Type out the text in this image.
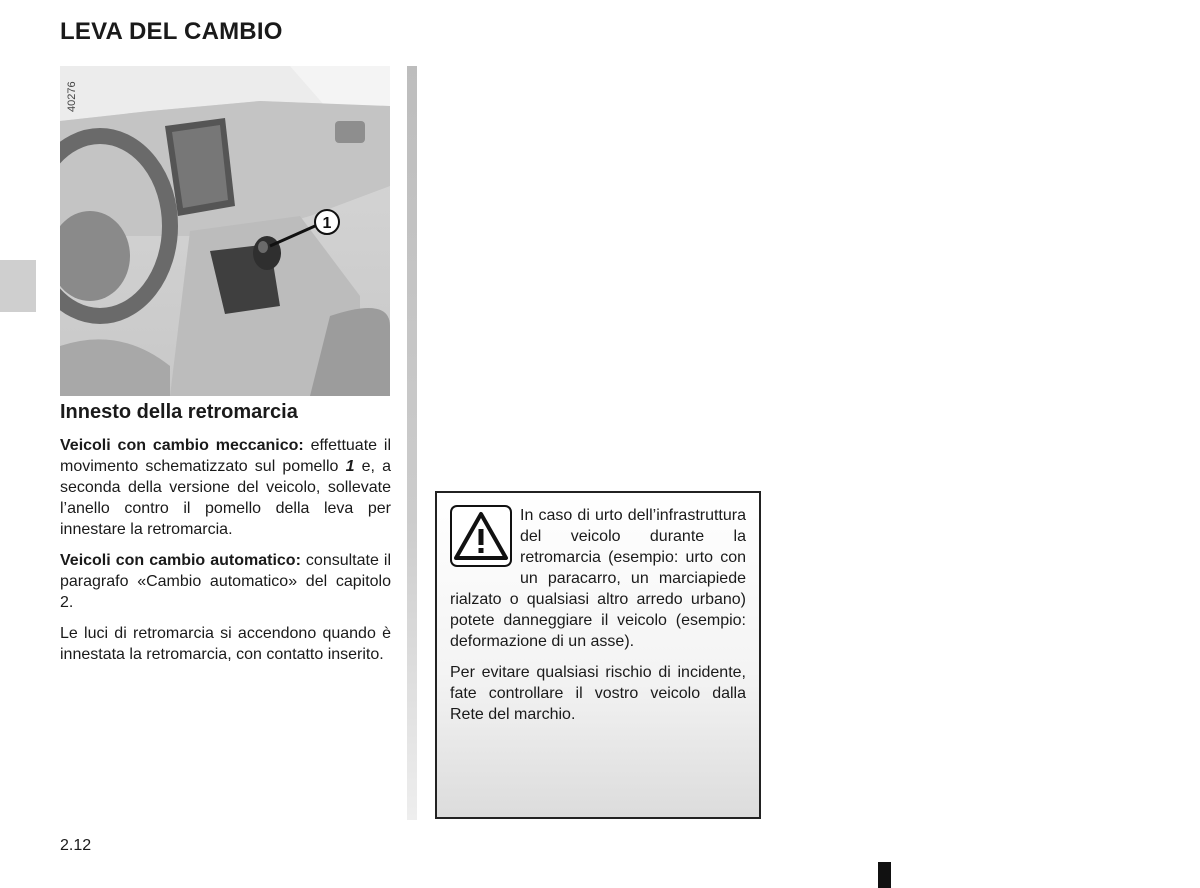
LEVA DEL CAMBIO
1
40276
Innesto della retromarcia

Veicoli con cambio meccanico: effettuate il movimento schematizzato sul pomello 1 e, a seconda della versione del veicolo, sollevate l’anello contro il pomello della leva per innestare la retromarcia.

Veicoli con cambio automatico: consultate il paragrafo «Cambio automatico» del capitolo 2.

Le luci di retromarcia si accendono quando è innestata la retromarcia, con contatto inserito.

In caso di urto dell’infrastruttura del veicolo durante la retromarcia (esempio: urto con un paracarro, un marciapiede rialzato o qualsiasi altro arredo urbano) potete danneggiare il veicolo (esempio: deformazione di un asse).

Per evitare qualsiasi rischio di incidente, fate controllare il vostro veicolo dalla Rete del marchio.

2.12
